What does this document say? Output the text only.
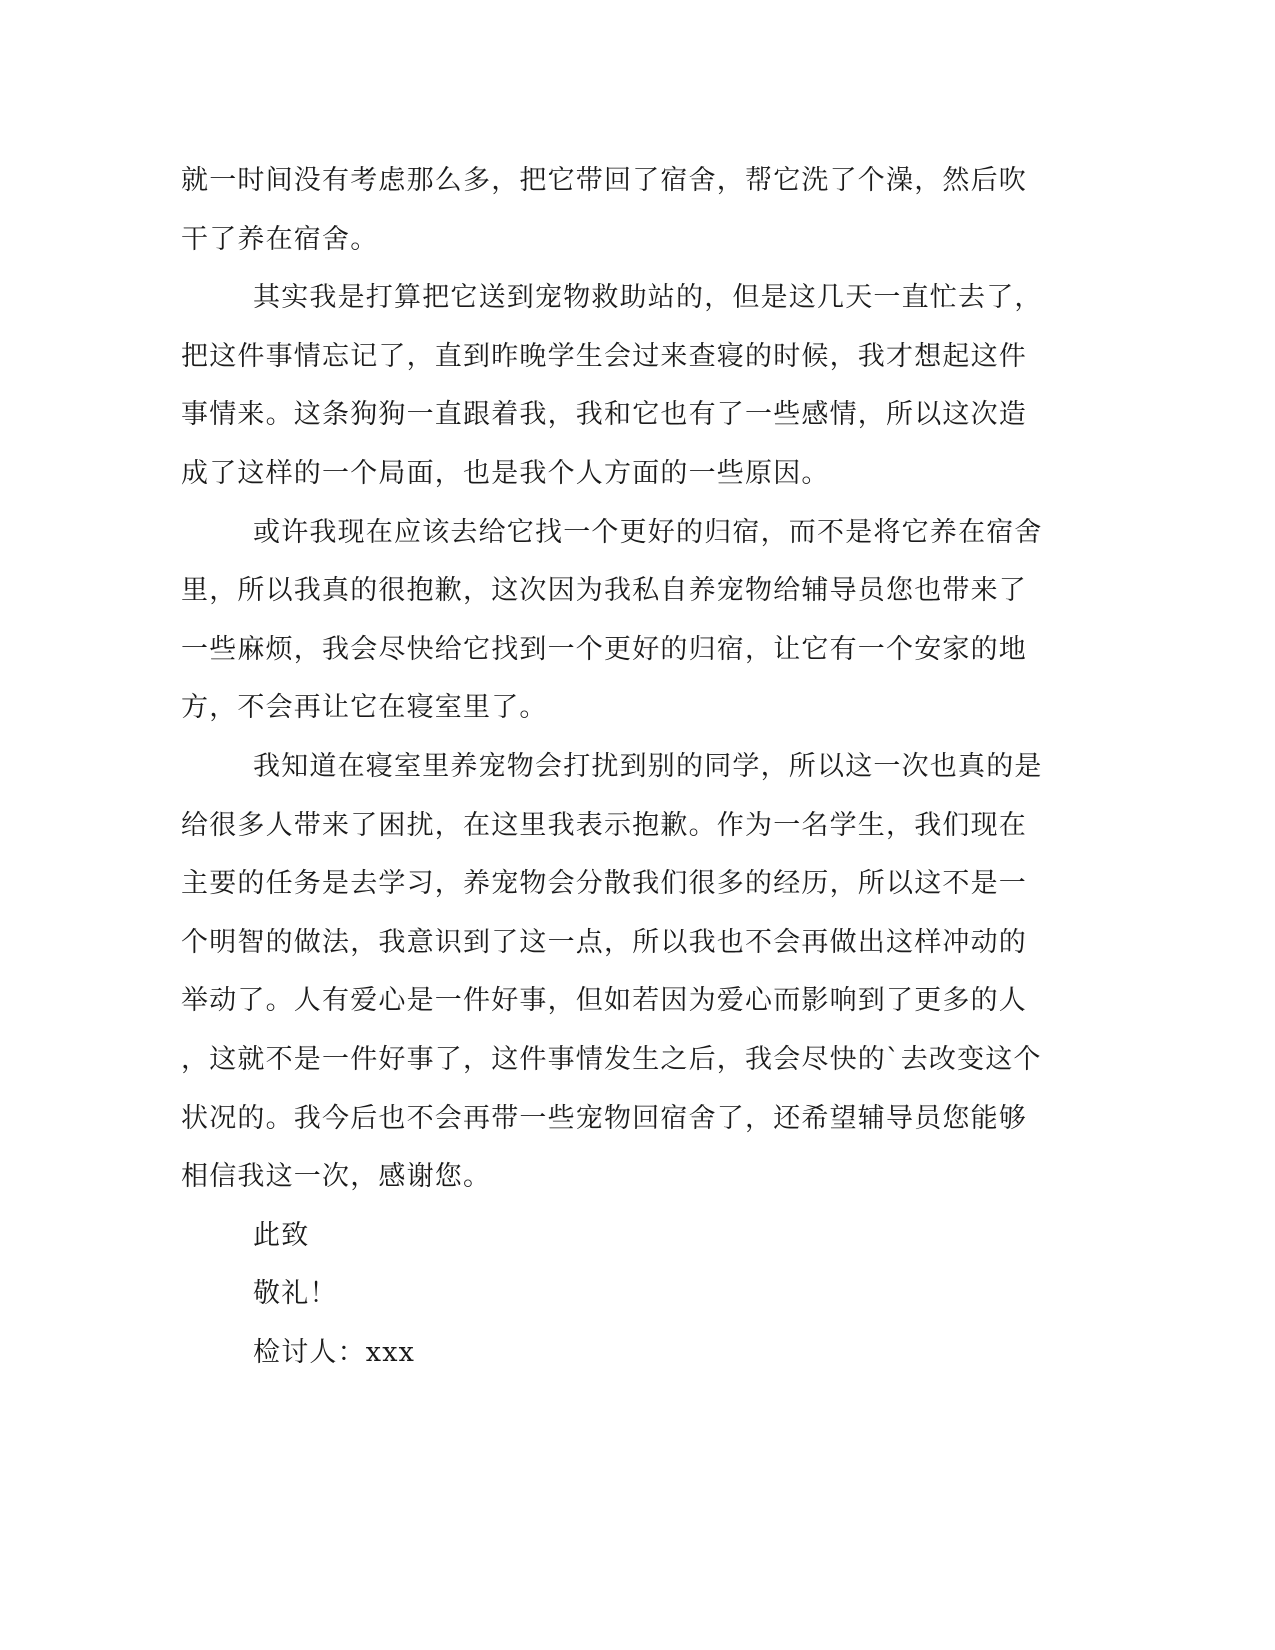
就一时间没有考虑那么多，把它带回了宿舍，帮它洗了个澡，然后吹
干了养在宿舍。
其实我是打算把它送到宠物救助站的，但是这几天一直忙去了，
把这件事情忘记了，直到昨晚学生会过来查寝的时候，我才想起这件
事情来。这条狗狗一直跟着我，我和它也有了一些感情，所以这次造
成了这样的一个局面，也是我个人方面的一些原因。
或许我现在应该去给它找一个更好的归宿，而不是将它养在宿舍
里，所以我真的很抱歉，这次因为我私自养宠物给辅导员您也带来了
一些麻烦，我会尽快给它找到一个更好的归宿，让它有一个安家的地
方，不会再让它在寝室里了。
我知道在寝室里养宠物会打扰到别的同学，所以这一次也真的是
给很多人带来了困扰，在这里我表示抱歉。作为一名学生，我们现在
主要的任务是去学习，养宠物会分散我们很多的经历，所以这不是一
个明智的做法，我意识到了这一点，所以我也不会再做出这样冲动的
举动了。人有爱心是一件好事，但如若因为爱心而影响到了更多的人
，这就不是一件好事了，这件事情发生之后，我会尽快的`去改变这个
状况的。我今后也不会再带一些宠物回宿舍了，还希望辅导员您能够
相信我这一次，感谢您。
此致
敬礼！
检讨人：xxx
